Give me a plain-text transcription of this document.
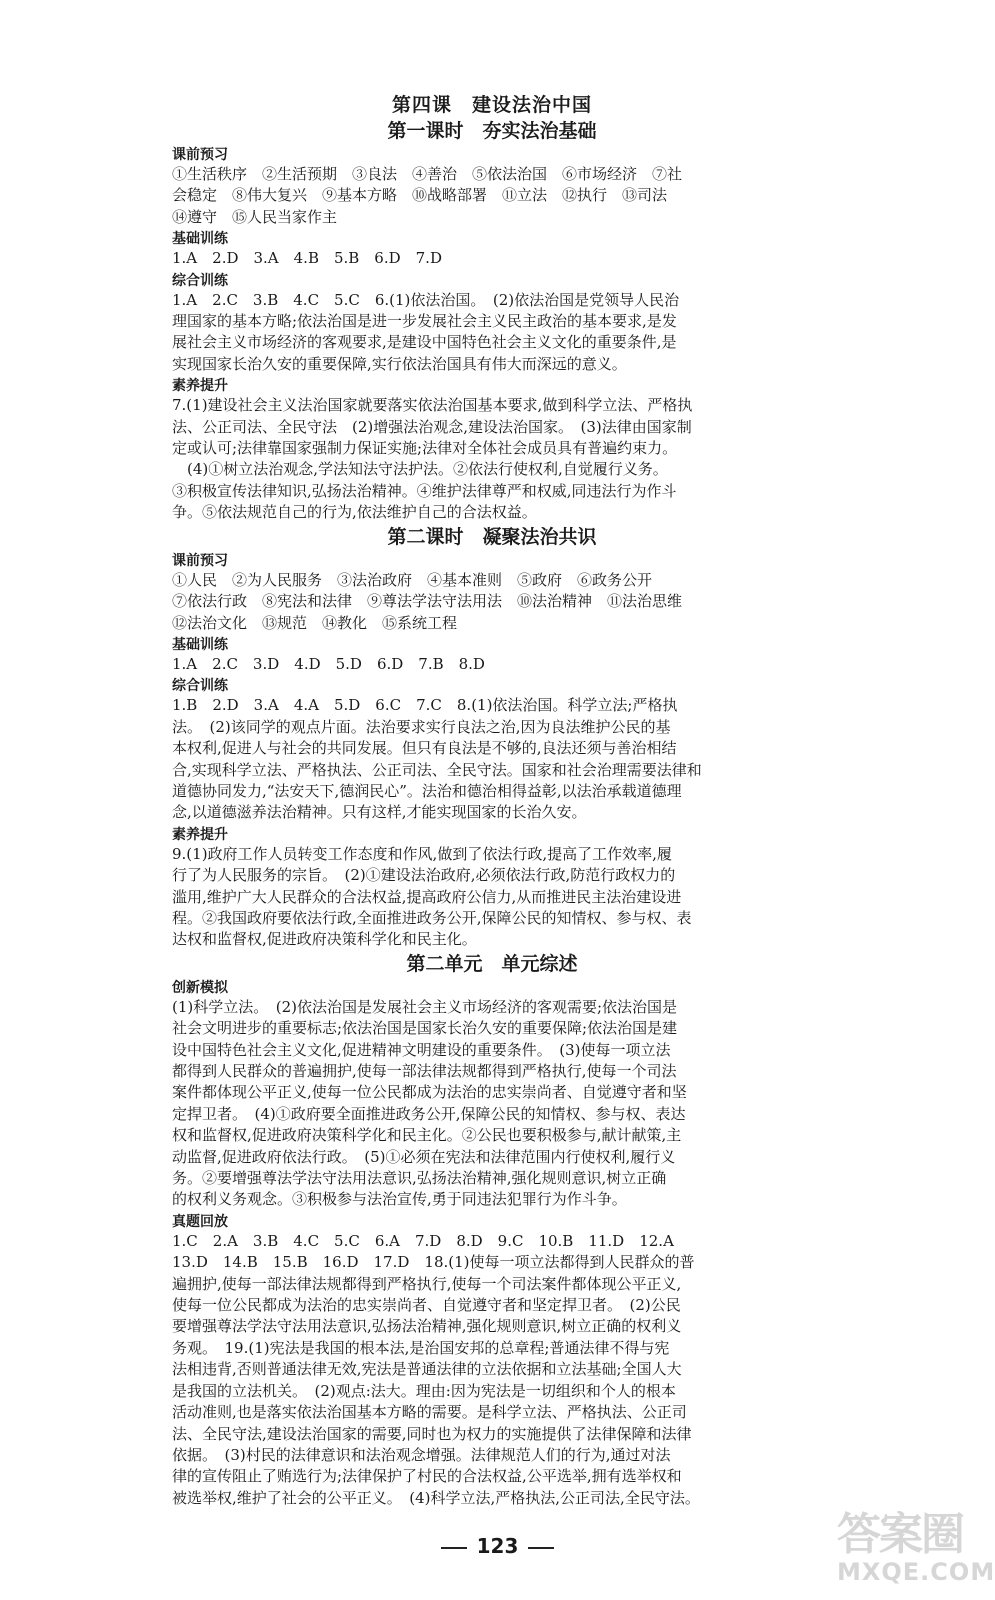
第四课　建设法治中国
第一课时　夯实法治基础
课前预习

①生活秩序　②生活预期　③良法　④善治　⑤依法治国　⑥市场经济　⑦社

会稳定　⑧伟大复兴　⑨基本方略　⑩战略部署　⑪立法　⑫执行　⑬司法

⑭遵守　⑮人民当家作主

基础训练

1.A　2.D　3.A　4.B　5.B　6.D　7.D

综合训练

1.A　2.C　3.B　4.C　5.C　6.(1)依法治国。　(2)依法治国是党领导人民治

理国家的基本方略;依法治国是进一步发展社会主义民主政治的基本要求,是发

展社会主义市场经济的客观要求,是建设中国特色社会主义文化的重要条件,是

实现国家长治久安的重要保障,实行依法治国具有伟大而深远的意义。

素养提升

7.(1)建设社会主义法治国家就要落实依法治国基本要求,做到科学立法、严格执

法、公正司法、全民守法　(2)增强法治观念,建设法治国家。　(3)法律由国家制

定或认可;法律靠国家强制力保证实施;法律对全体社会成员具有普遍约束力。

　(4)①树立法治观念,学法知法守法护法。②依法行使权利,自觉履行义务。

③积极宣传法律知识,弘扬法治精神。④维护法律尊严和权威,同违法行为作斗

争。⑤依法规范自己的行为,依法维护自己的合法权益。

第二课时　凝聚法治共识
课前预习

①人民　②为人民服务　③法治政府　④基本准则　⑤政府　⑥政务公开

⑦依法行政　⑧宪法和法律　⑨尊法学法守法用法　⑩法治精神　⑪法治思维

⑫法治文化　⑬规范　⑭教化　⑮系统工程

基础训练

1.A　2.C　3.D　4.D　5.D　6.D　7.B　8.D

综合训练

1.B　2.D　3.A　4.A　5.D　6.C　7.C　8.(1)依法治国。科学立法;严格执

法。　(2)该同学的观点片面。法治要求实行良法之治,因为良法维护公民的基

本权利,促进人与社会的共同发展。但只有良法是不够的,良法还须与善治相结

合,实现科学立法、严格执法、公正司法、全民守法。国家和社会治理需要法律和

道德协同发力,“法安天下,德润民心”。法治和德治相得益彰,以法治承载道德理

念,以道德滋养法治精神。只有这样,才能实现国家的长治久安。

素养提升

9.(1)政府工作人员转变工作态度和作风,做到了依法行政,提高了工作效率,履

行了为人民服务的宗旨。　(2)①建设法治政府,必须依法行政,防范行政权力的

滥用,维护广大人民群众的合法权益,提高政府公信力,从而推进民主法治建设进

程。②我国政府要依法行政,全面推进政务公开,保障公民的知情权、参与权、表

达权和监督权,促进政府决策科学化和民主化。

第二单元　单元综述
创新模拟

(1)科学立法。　(2)依法治国是发展社会主义市场经济的客观需要;依法治国是

社会文明进步的重要标志;依法治国是国家长治久安的重要保障;依法治国是建

设中国特色社会主义文化,促进精神文明建设的重要条件。　(3)使每一项立法

都得到人民群众的普遍拥护,使每一部法律法规都得到严格执行,使每一个司法

案件都体现公平正义,使每一位公民都成为法治的忠实崇尚者、自觉遵守者和坚

定捍卫者。　(4)①政府要全面推进政务公开,保障公民的知情权、参与权、表达

权和监督权,促进政府决策科学化和民主化。②公民也要积极参与,献计献策,主

动监督,促进政府依法行政。　(5)①必须在宪法和法律范围内行使权利,履行义

务。②要增强尊法学法守法用法意识,弘扬法治精神,强化规则意识,树立正确

的权利义务观念。③积极参与法治宣传,勇于同违法犯罪行为作斗争。

真题回放

1.C　2.A　3.B　4.C　5.C　6.A　7.D　8.D　9.C　10.B　11.D　12.A

13.D　14.B　15.B　16.D　17.D　18.(1)使每一项立法都得到人民群众的普

遍拥护,使每一部法律法规都得到严格执行,使每一个司法案件都体现公平正义,

使每一位公民都成为法治的忠实崇尚者、自觉遵守者和坚定捍卫者。　(2)公民

要增强尊法学法守法用法意识,弘扬法治精神,强化规则意识,树立正确的权利义

务观。　19.(1)宪法是我国的根本法,是治国安邦的总章程;普通法律不得与宪

法相违背,否则普通法律无效,宪法是普通法律的立法依据和立法基础;全国人大

是我国的立法机关。　(2)观点:法大。理由:因为宪法是一切组织和个人的根本

活动准则,也是落实依法治国基本方略的需要。是科学立法、严格执法、公正司

法、全民守法,建设法治国家的需要,同时也为权力的实施提供了法律保障和法律

依据。　(3)村民的法律意识和法治观念增强。法律规范人们的行为,通过对法

律的宣传阻止了贿选行为;法律保护了村民的合法权益,公平选举,拥有选举权和

被选举权,维护了社会的公平正义。　(4)科学立法,严格执法,公正司法,全民守法。

123	答案圈
MXQE.COM
